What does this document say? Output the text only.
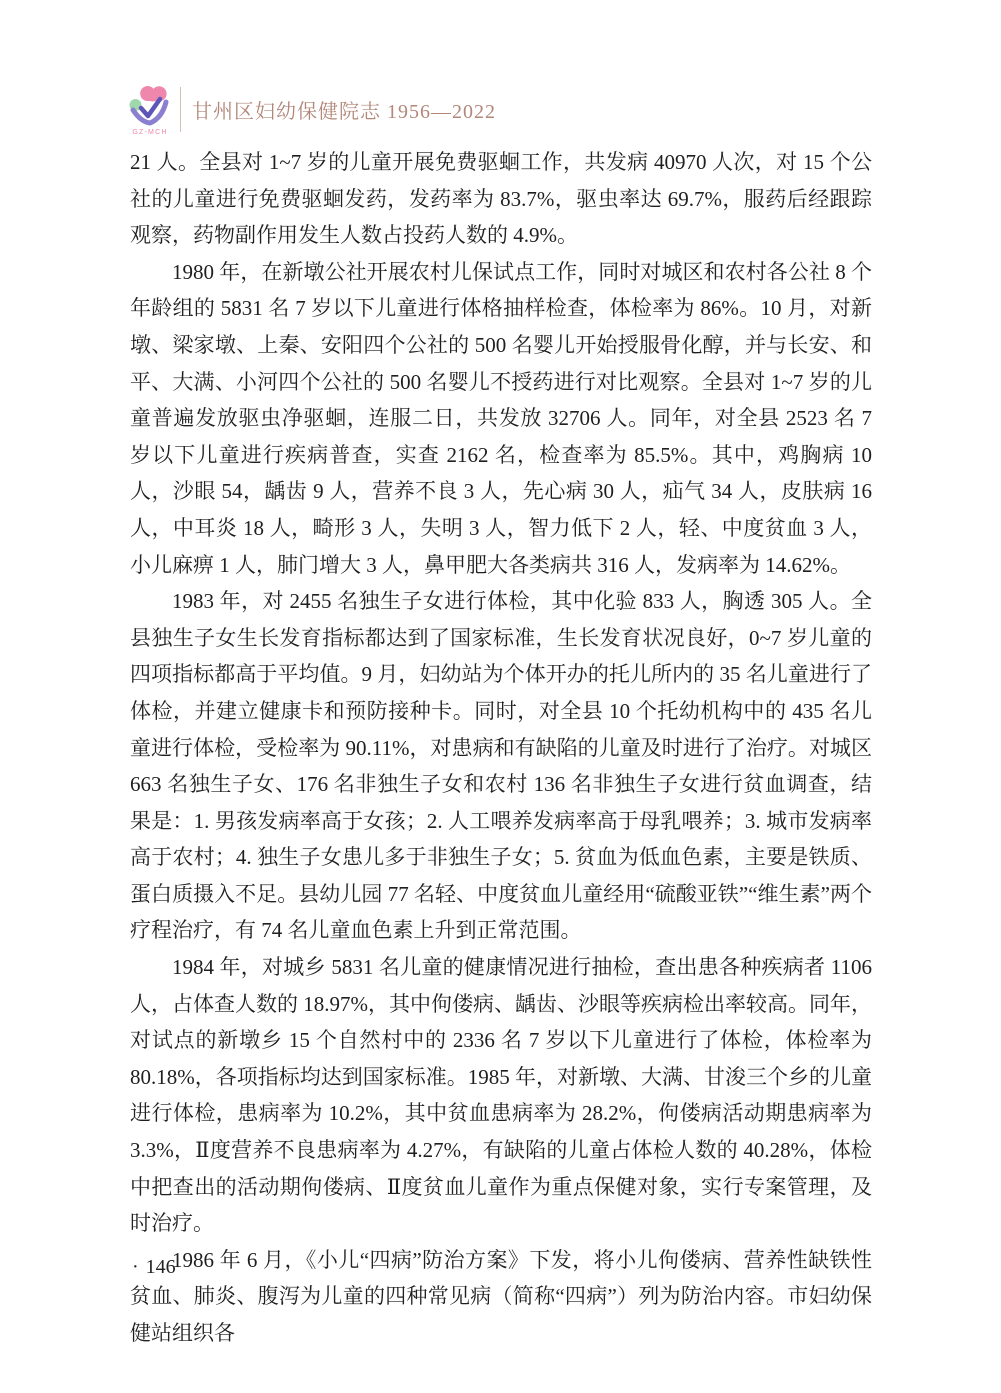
GZ-MCH
甘州区妇幼保健院志 1956—2022

21 人。全县对 1~7 岁的儿童开展免费驱蛔工作，共发病 40970 人次，对 15 个公社的儿童进行免费驱蛔发药，发药率为 83.7%，驱虫率达 69.7%，服药后经跟踪观察，药物副作用发生人数占投药人数的 4.9%。

1980 年，在新墩公社开展农村儿保试点工作，同时对城区和农村各公社 8 个年龄组的 5831 名 7 岁以下儿童进行体格抽样检查，体检率为 86%。10 月，对新墩、梁家墩、上秦、安阳四个公社的 500 名婴儿开始授服骨化醇，并与长安、和平、大满、小河四个公社的 500 名婴儿不授药进行对比观察。全县对 1~7 岁的儿童普遍发放驱虫净驱蛔，连服二日，共发放 32706 人。同年，对全县 2523 名 7 岁以下儿童进行疾病普查，实查 2162 名，检查率为 85.5%。其中，鸡胸病 10 人，沙眼 54，龋齿 9 人，营养不良 3 人，先心病 30 人，疝气 34 人，皮肤病 16 人，中耳炎 18 人，畸形 3 人，失明 3 人，智力低下 2 人，轻、中度贫血 3 人，小儿麻痹 1 人，肺门增大 3 人，鼻甲肥大各类病共 316 人，发病率为 14.62%。

1983 年，对 2455 名独生子女进行体检，其中化验 833 人，胸透 305 人。全县独生子女生长发育指标都达到了国家标准，生长发育状况良好，0~7 岁儿童的四项指标都高于平均值。9 月，妇幼站为个体开办的托儿所内的 35 名儿童进行了体检，并建立健康卡和预防接种卡。同时，对全县 10 个托幼机构中的 435 名儿童进行体检，受检率为 90.11%，对患病和有缺陷的儿童及时进行了治疗。对城区 663 名独生子女、176 名非独生子女和农村 136 名非独生子女进行贫血调查，结果是：1. 男孩发病率高于女孩；2. 人工喂养发病率高于母乳喂养；3. 城市发病率高于农村；4. 独生子女患儿多于非独生子女；5. 贫血为低血色素，主要是铁质、蛋白质摄入不足。县幼儿园 77 名轻、中度贫血儿童经用“硫酸亚铁”“维生素”两个疗程治疗，有 74 名儿童血色素上升到正常范围。

1984 年，对城乡 5831 名儿童的健康情况进行抽检，查出患各种疾病者 1106 人，占体查人数的 18.97%，其中佝偻病、龋齿、沙眼等疾病检出率较高。同年，对试点的新墩乡 15 个自然村中的 2336 名 7 岁以下儿童进行了体检，体检率为 80.18%，各项指标均达到国家标准。1985 年，对新墩、大满、甘浚三个乡的儿童进行体检，患病率为 10.2%，其中贫血患病率为 28.2%，佝偻病活动期患病率为 3.3%，Ⅱ度营养不良患病率为 4.27%，有缺陷的儿童占体检人数的 40.28%，体检中把查出的活动期佝偻病、Ⅱ度贫血儿童作为重点保健对象，实行专案管理，及时治疗。

1986 年 6 月，《小儿“四病”防治方案》下发，将小儿佝偻病、营养性缺铁性贫血、肺炎、腹泻为儿童的四种常见病（简称“四病”）列为防治内容。市妇幼保健站组织各

· 146
